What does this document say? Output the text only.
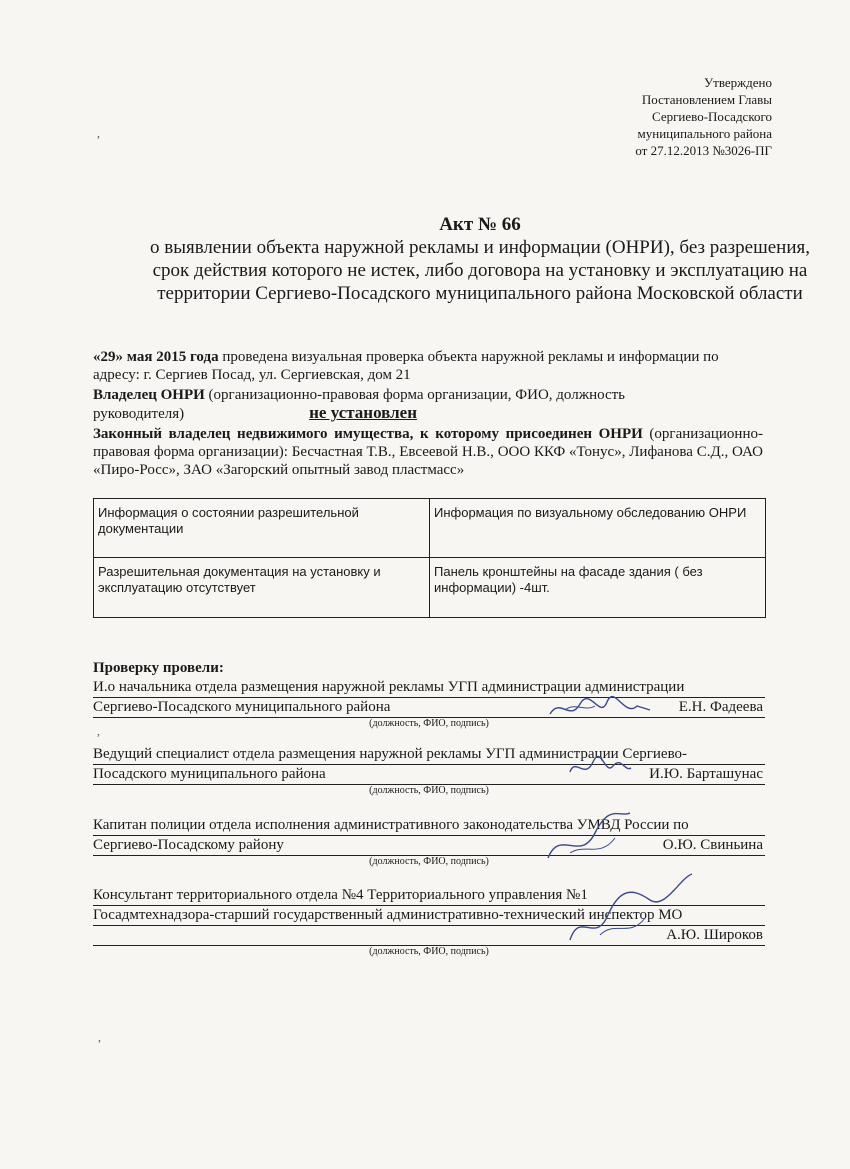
Утверждено
Постановлением Главы
Сергиево-Посадского
муниципального района
от 27.12.2013 №3026-ПГ
,
Акт № 66
о выявлении объекта наружной рекламы и информации (ОНРИ), без разрешения, срок действия которого не истек, либо договора на установку и эксплуатацию на территории Сергиево-Посадского муниципального района Московской области
«29» мая 2015 года проведена визуальная проверка объекта наружной рекламы и информации по адресу: г. Сергиев Посад, ул. Сергиевская, дом 21
Владелец ОНРИ (организационно-правовая форма организации, ФИО, должность руководителя)	не установлен
Законный владелец недвижимого имущества, к которому присоединен ОНРИ (организационно-правовая форма организации): Бесчастная Т.В., Евсеевой Н.В., ООО ККФ «Тонус», Лифанова С.Д., ОАО «Пиро-Росс», ЗАО «Загорский опытный завод пластмасс»
Информация о состоянии разрешительной документации	Информация по визуальному обследованию ОНРИ
Разрешительная документация на установку и эксплуатацию отсутствует	Панель кронштейны на фасаде здания ( без информации) -4шт.
Проверку провели:
И.о начальника отдела размещения наружной рекламы УГП администрации администрации
Сергиево-Посадского муниципального района	Е.Н. Фадеева
(должность, ФИО, подпись)
,
Ведущий специалист отдела размещения наружной рекламы УГП администрации Сергиево-
Посадского муниципального района	И.Ю. Барташунас
(должность, ФИО, подпись)
Капитан полиции отдела исполнения административного законодательства УМВД России по
Сергиево-Посадскому району	О.Ю. Свиньина
(должность, ФИО, подпись)
Консультант территориального отдела №4 Территориального управления №1
Госадмтехнадзора-старший государственный административно-технический инспектор МО
А.Ю. Широков
(должность, ФИО, подпись)
,
